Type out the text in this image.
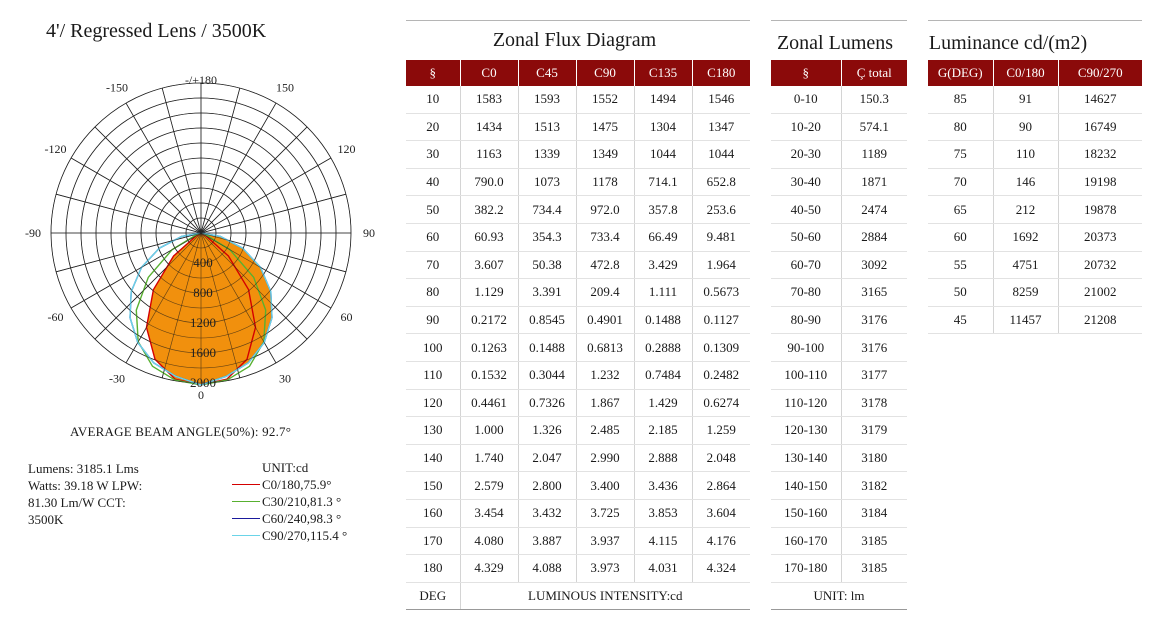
4'/ Regressed Lens / 3500K
-/+180
0
-150	150
-120	120
-90	90
-60	60
-30	30
400
800
1200
1600
2000
AVERAGE BEAM ANGLE(50%): 92.7°
Lumens: 3185.1 Lms
Watts: 39.18 W LPW:
81.30 Lm/W CCT:
3500K
UNIT:cd
C0/180,75.9°
C30/210,81.3 °
C60/240,98.3 °
C90/270,115.4 °
Zonal Flux Diagram
§	C0	C45	C90	C135	C180
10	1583	1593	1552	1494	1546
20	1434	1513	1475	1304	1347
30	1163	1339	1349	1044	1044
40	790.0	1073	1178	714.1	652.8
50	382.2	734.4	972.0	357.8	253.6
60	60.93	354.3	733.4	66.49	9.481
70	3.607	50.38	472.8	3.429	1.964
80	1.129	3.391	209.4	1.111	0.5673
90	0.2172	0.8545	0.4901	0.1488	0.1127
100	0.1263	0.1488	0.6813	0.2888	0.1309
110	0.1532	0.3044	1.232	0.7484	0.2482
120	0.4461	0.7326	1.867	1.429	0.6274
130	1.000	1.326	2.485	2.185	1.259
140	1.740	2.047	2.990	2.888	2.048
150	2.579	2.800	3.400	3.436	2.864
160	3.454	3.432	3.725	3.853	3.604
170	4.080	3.887	3.937	4.115	4.176
180	4.329	4.088	3.973	4.031	4.324
DEG	LUMINOUS INTENSITY:cd				
Zonal Lumens
§	Ç total
0-10	150.3
10-20	574.1
20-30	1189
30-40	1871
40-50	2474
50-60	2884
60-70	3092
70-80	3165
80-90	3176
90-100	3176
100-110	3177
110-120	3178
120-130	3179
130-140	3180
140-150	3182
150-160	3184
160-170	3185
170-180	3185
UNIT: lm	
Luminance cd/(m2)
G(DEG)	C0/180	C90/270
85	91	14627
80	90	16749
75	110	18232
70	146	19198
65	212	19878
60	1692	20373
55	4751	20732
50	8259	21002
45	11457	21208
